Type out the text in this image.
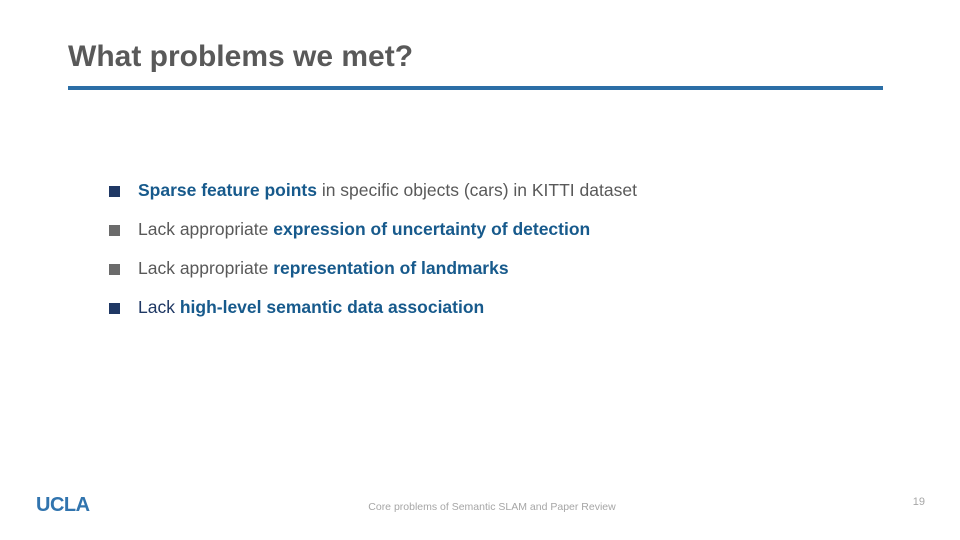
What problems we met?
Sparse feature points in specific objects (cars) in KITTI dataset
Lack appropriate expression of uncertainty of detection
Lack appropriate representation of landmarks
Lack high-level semantic data association
UCLA	Core problems of Semantic SLAM and Paper Review	19
